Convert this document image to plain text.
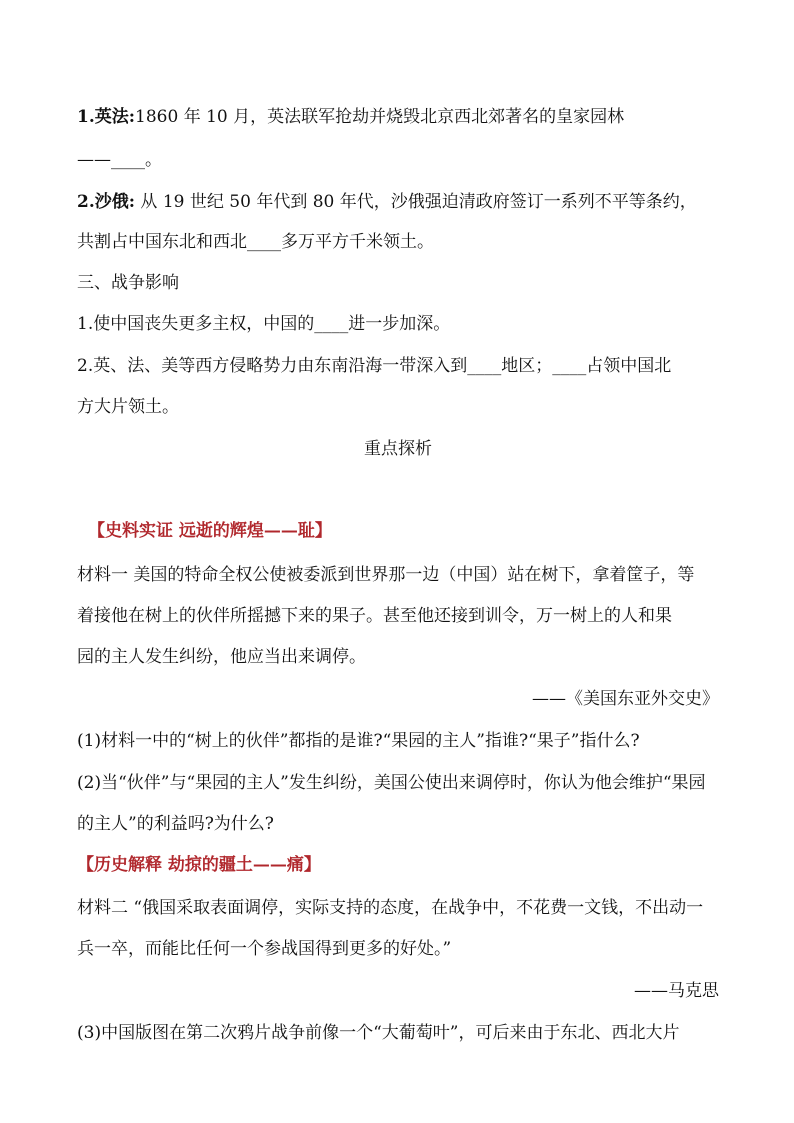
1.英法:1860 年 10 月，英法联军抢劫并烧毁北京西北郊著名的皇家园林
——____。
2.沙俄: 从 19 世纪 50 年代到 80 年代，沙俄强迫清政府签订一系列不平等条约，
共割占中国东北和西北____多万平方千米领土。
三、战争影响
1.使中国丧失更多主权，中国的____进一步加深。
2.英、法、美等西方侵略势力由东南沿海一带深入到____地区；____占领中国北
方大片领土。
重点探析
【史料实证 远逝的辉煌——耻】
材料一 美国的特命全权公使被委派到世界那一边（中国）站在树下，拿着筐子，等
着接他在树上的伙伴所摇撼下来的果子。甚至他还接到训令，万一树上的人和果
园的主人发生纠纷，他应当出来调停。
——《美国东亚外交史》
(1)材料一中的“树上的伙伴”都指的是谁?“果园的主人”指谁?“果子”指什么?
(2)当“伙伴”与“果园的主人”发生纠纷，美国公使出来调停时，你认为他会维护“果园
的主人”的利益吗?为什么?
【历史解释 劫掠的疆土——痛】
材料二 “俄国采取表面调停，实际支持的态度，在战争中，不花费一文钱，不出动一
兵一卒，而能比任何一个参战国得到更多的好处。”
——马克思
(3)中国版图在第二次鸦片战争前像一个“大葡萄叶”，可后来由于东北、西北大片
